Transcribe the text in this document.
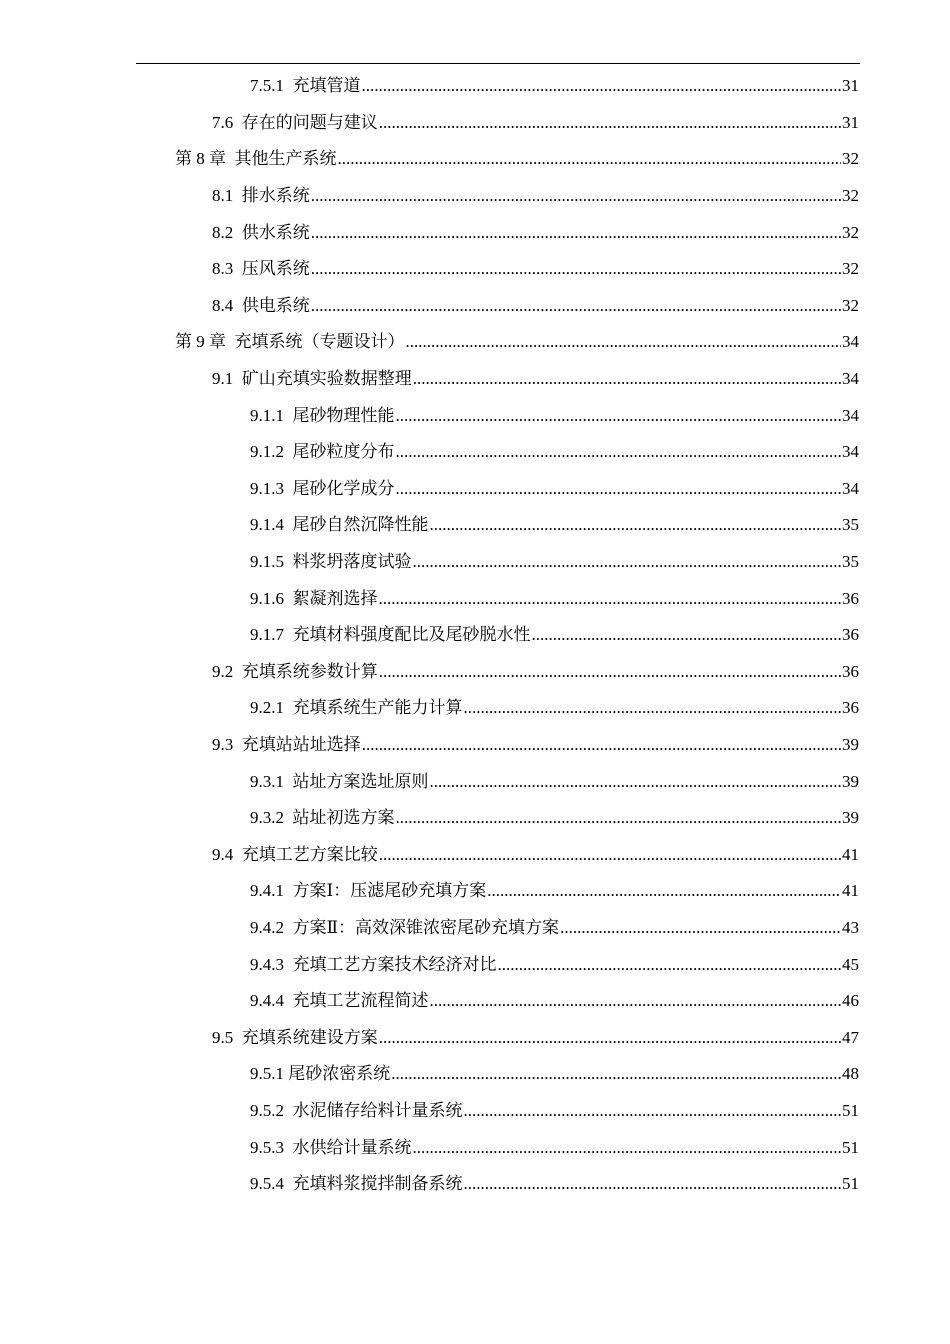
7.5.1 充填管道 .....	31
7.6 存在的问题与建议 .....	31
第 8 章 其他生产系统 .....	32
8.1 排水系统 .....	32
8.2 供水系统 .....	32
8.3 压风系统 .....	32
8.4 供电系统 .....	32
第 9 章 充填系统（专题设计） .....	34
9.1 矿山充填实验数据整理 .....	34
9.1.1 尾砂物理性能 .....	34
9.1.2 尾砂粒度分布 .....	34
9.1.3 尾砂化学成分 .....	34
9.1.4 尾砂自然沉降性能 .....	35
9.1.5 料浆坍落度试验 .....	35
9.1.6 絮凝剂选择 .....	36
9.1.7 充填材料强度配比及尾砂脱水性 .....	36
9.2 充填系统参数计算 .....	36
9.2.1 充填系统生产能力计算 .....	36
9.3 充填站站址选择 .....	39
9.3.1 站址方案选址原则 .....	39
9.3.2 站址初选方案 .....	39
9.4 充填工艺方案比较 .....	41
9.4.1 方案Ⅰ：压滤尾砂充填方案 .....	41
9.4.2 方案Ⅱ：高效深锥浓密尾砂充填方案 .....	43
9.4.3 充填工艺方案技术经济对比 .....	45
9.4.4 充填工艺流程简述 .....	46
9.5 充填系统建设方案 .....	47
9.5.1 尾砂浓密系统 .....	48
9.5.2 水泥储存给料计量系统 .....	51
9.5.3 水供给计量系统 .....	51
9.5.4 充填料浆搅拌制备系统 .....	51
